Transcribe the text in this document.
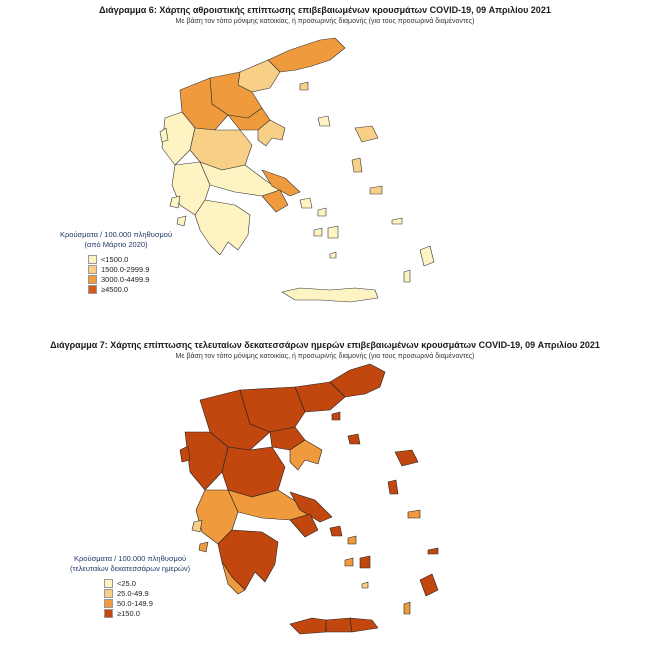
Διάγραμμα 6: Χάρτης αθροιστικής επίπτωσης επιβεβαιωμένων κρουσμάτων COVID-19, 09 Απριλίου 2021
Με βάση τον τόπο μόνιμης κατοικίας, ή προσωρινής διαμονής (για τους προσωρινά διαμένοντες)
Κρούσματα / 100.000 πληθυσμού
(από Μάρτιο 2020)
<1500.0
1500.0-2999.9
3000.0-4499.9
≥4500.0
Διάγραμμα 7: Χάρτης επίπτωσης τελευταίων δεκατεσσάρων ημερών επιβεβαιωμένων κρουσμάτων COVID-19, 09 Απριλίου 2021
Με βάση τον τόπο μόνιμης κατοικίας, ή προσωρινής διαμονής (για τους προσωρινά διαμένοντες)
Κρούσματα / 100.000 πληθυσμού
(τελευταίων δεκατεσσάρων ημερών)
<25.0
25.0-49.9
50.0-149.9
≥150.0
